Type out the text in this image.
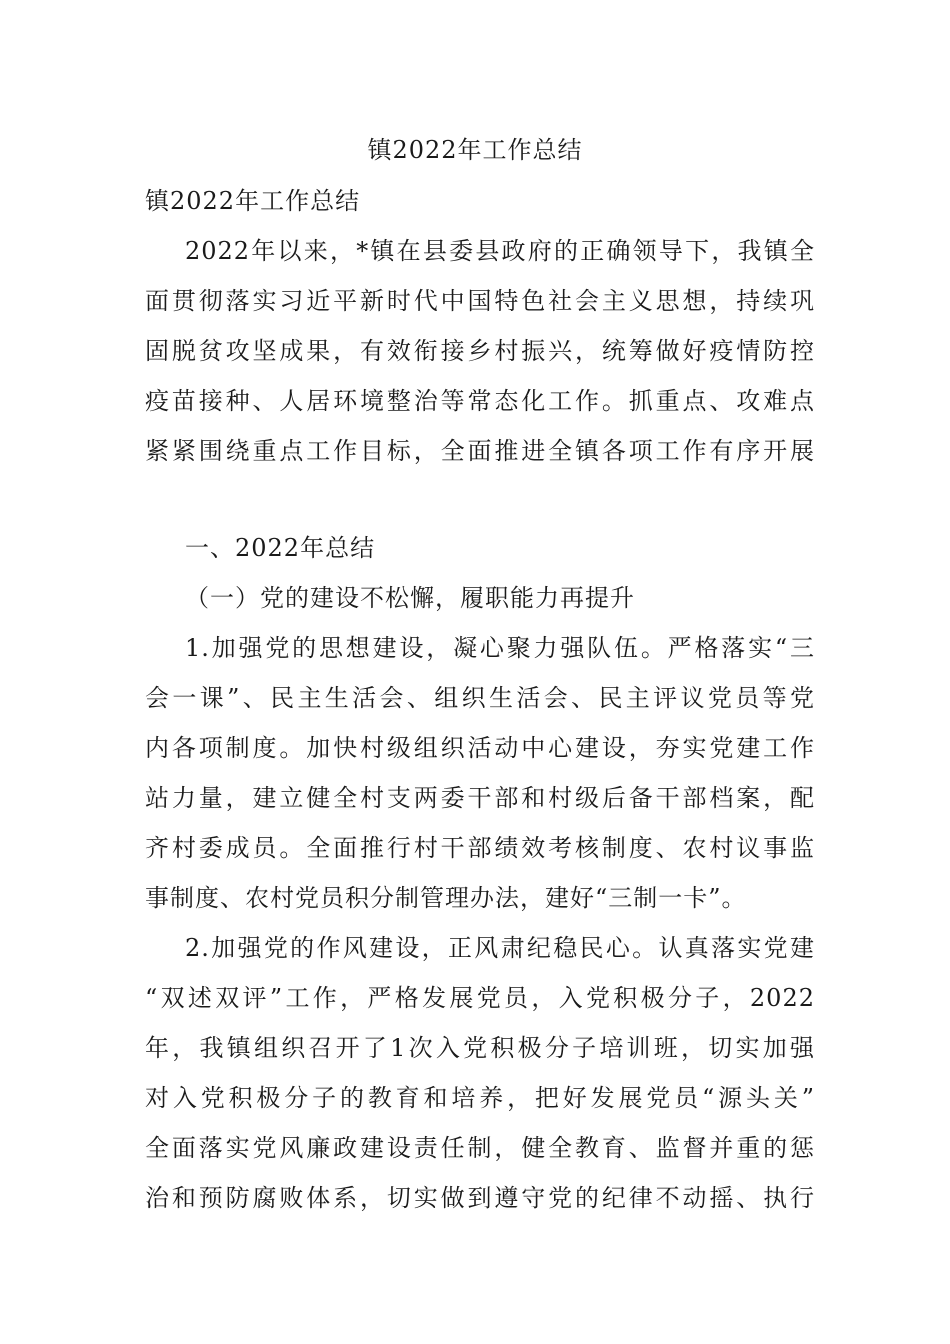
镇2022年工作总结
镇2022年工作总结
2022年以来，*镇在县委县政府的正确领导下，我镇全
面贯彻落实习近平新时代中国特色社会主义思想，持续巩
固脱贫攻坚成果，有效衔接乡村振兴，统筹做好疫情防控
疫苗接种、人居环境整治等常态化工作。抓重点、攻难点
紧紧围绕重点工作目标，全面推进全镇各项工作有序开展
一、2022年总结
（一）党的建设不松懈，履职能力再提升
1.加强党的思想建设，凝心聚力强队伍。严格落实“三
会一课”、民主生活会、组织生活会、民主评议党员等党
内各项制度。加快村级组织活动中心建设，夯实党建工作
站力量，建立健全村支两委干部和村级后备干部档案，配
齐村委成员。全面推行村干部绩效考核制度、农村议事监
事制度、农村党员积分制管理办法，建好“三制一卡”。
2.加强党的作风建设，正风肃纪稳民心。认真落实党建
“双述双评”工作，严格发展党员，入党积极分子，2022
年，我镇组织召开了1次入党积极分子培训班，切实加强
对入党积极分子的教育和培养，把好发展党员“源头关”
全面落实党风廉政建设责任制，健全教育、监督并重的惩
治和预防腐败体系，切实做到遵守党的纪律不动摇、执行
